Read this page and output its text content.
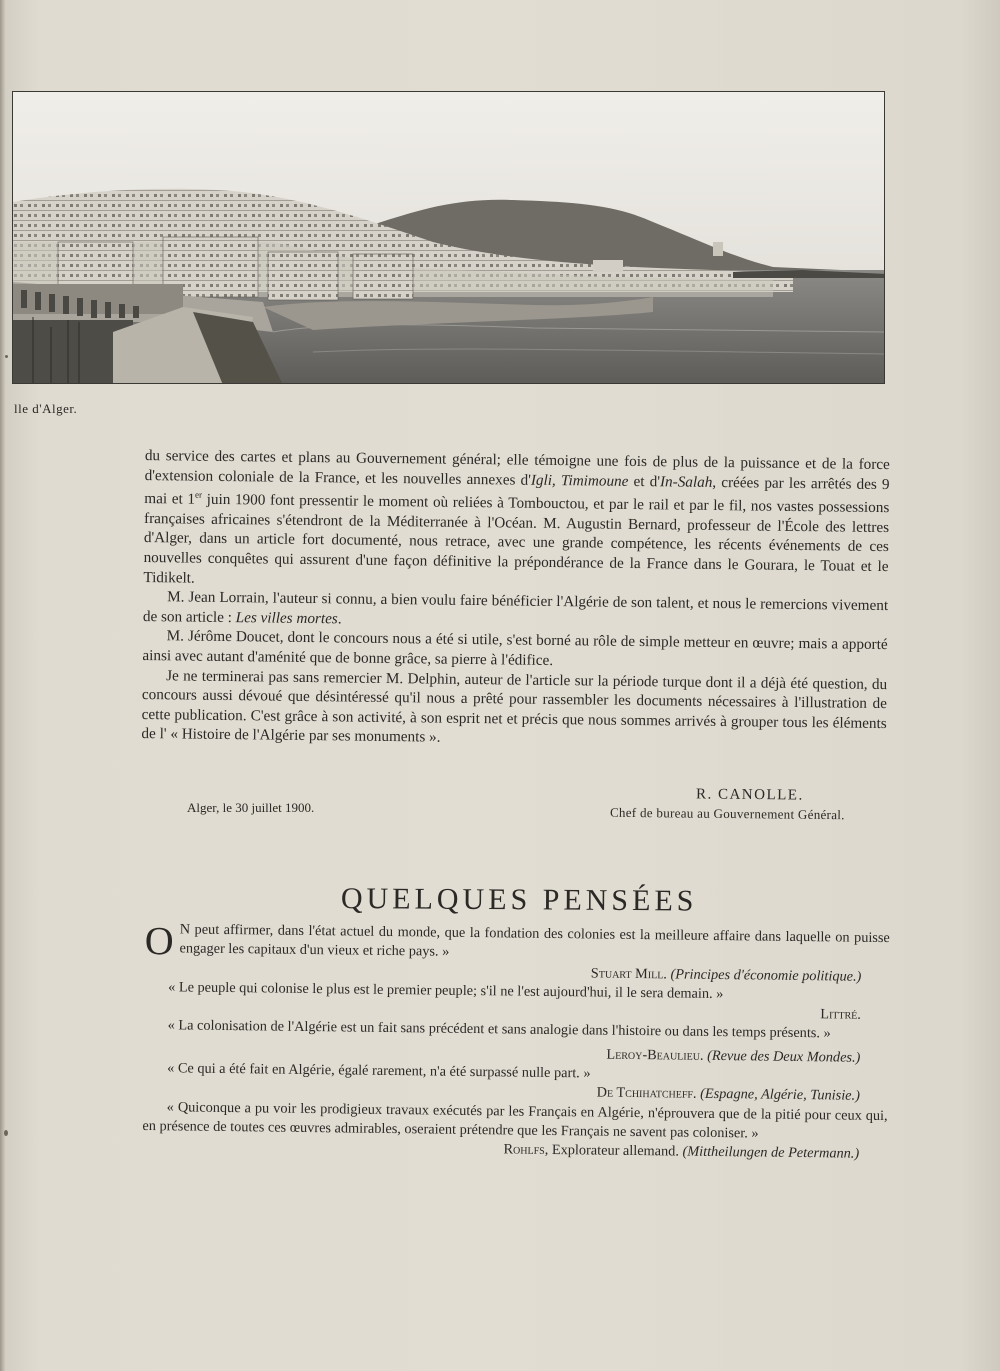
lle d'Alger.

du service des cartes et plans au Gouvernement général; elle témoigne une fois de plus de la puissance et de la force d'extension coloniale de la France, et les nouvelles annexes d'Igli, Timimoune et d'In-Salah, créées par les arrêtés des 9 mai et 1er juin 1900 font pressentir le moment où reliées à Tombouctou, et par le rail et par le fil, nos vastes possessions françaises africaines s'étendront de la Méditerranée à l'Océan. M. Augustin Bernard, professeur de l'École des lettres d'Alger, dans un article fort documenté, nous retrace, avec une grande compétence, les récents événements de ces nouvelles conquêtes qui assurent d'une façon définitive la prépondérance de la France dans le Gourara, le Touat et le Tidikelt.

M. Jean Lorrain, l'auteur si connu, a bien voulu faire bénéficier l'Algérie de son talent, et nous le remercions vivement de son article : Les villes mortes.

M. Jérôme Doucet, dont le concours nous a été si utile, s'est borné au rôle de simple metteur en œuvre; mais a apporté ainsi avec autant d'aménité que de bonne grâce, sa pierre à l'édifice.

Je ne terminerai pas sans remercier M. Delphin, auteur de l'article sur la période turque dont il a déjà été question, du concours aussi dévoué que désintéressé qu'il nous a prêté pour rassembler les documents nécessaires à l'illustration de cette publication. C'est grâce à son activité, à son esprit net et précis que nous sommes arrivés à grouper tous les éléments de l' « Histoire de l'Algérie par ses monuments ».

Alger, le 30 juillet 1900.
R. CANOLLE.
Chef de bureau au Gouvernement Général.
QUELQUES PENSÉES

O N peut affirmer, dans l'état actuel du monde, que la fondation des colonies est la meilleure affaire dans laquelle on puisse engager les capitaux d'un vieux et riche pays. »

Stuart Mill. (Principes d'économie politique.)

« Le peuple qui colonise le plus est le premier peuple; s'il ne l'est aujourd'hui, il le sera demain. »

Littré.

« La colonisation de l'Algérie est un fait sans précédent et sans analogie dans l'histoire ou dans les temps présents. »

Leroy-Beaulieu. (Revue des Deux Mondes.)

« Ce qui a été fait en Algérie, égalé rarement, n'a été surpassé nulle part. »

De Tchihatcheff. (Espagne, Algérie, Tunisie.)

« Quiconque a pu voir les prodigieux travaux exécutés par les Français en Algérie, n'éprouvera que de la pitié pour ceux qui, en présence de toutes ces œuvres admirables, oseraient prétendre que les Français ne savent pas coloniser. »

Rohlfs, Explorateur allemand. (Mittheilungen de Petermann.)
